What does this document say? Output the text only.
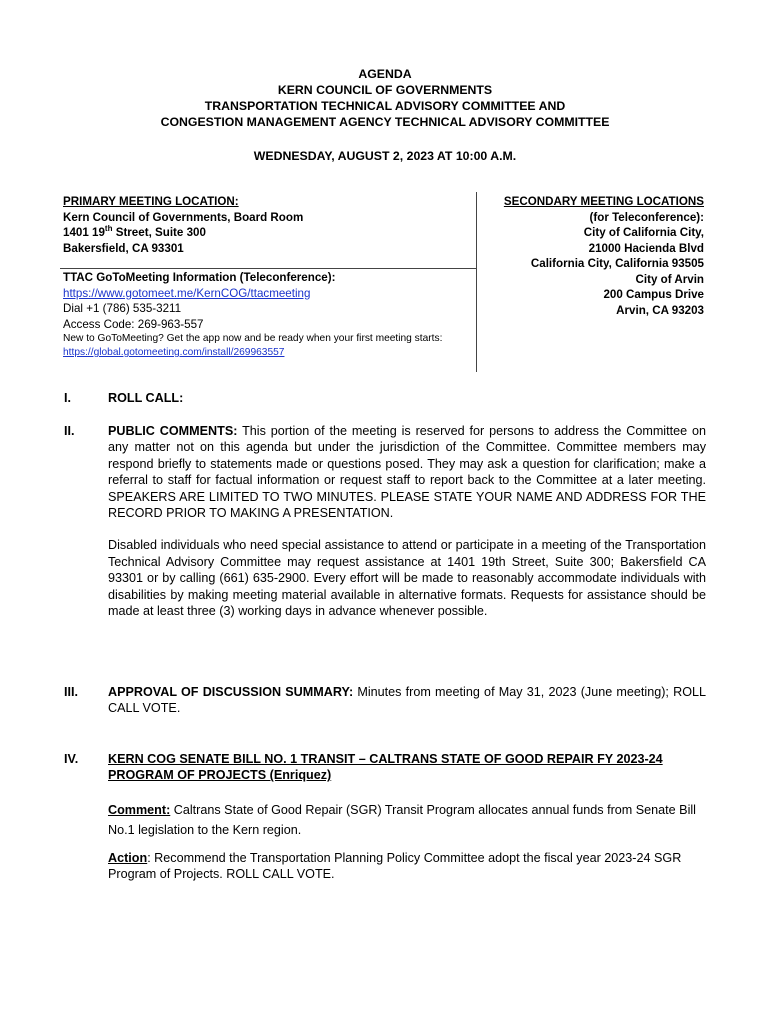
AGENDA
KERN COUNCIL OF GOVERNMENTS
TRANSPORTATION TECHNICAL ADVISORY COMMITTEE AND
CONGESTION MANAGEMENT AGENCY TECHNICAL ADVISORY COMMITTEE
WEDNESDAY, AUGUST 2, 2023 AT 10:00 A.M.
PRIMARY MEETING LOCATION:
Kern Council of Governments, Board Room
1401 19th Street, Suite 300
Bakersfield, CA 93301
TTAC GoToMeeting Information (Teleconference):
https://www.gotomeet.me/KernCOG/ttacmeeting
Dial +1 (786) 535-3211
Access Code: 269-963-557
New to GoToMeeting? Get the app now and be ready when your first meeting starts: https://global.gotomeeting.com/install/269963557
SECONDARY MEETING LOCATIONS
(for Teleconference):
City of California City,
21000 Hacienda Blvd
California City, California 93505
City of Arvin
200 Campus Drive
Arvin, CA 93203
I.	ROLL CALL:
II.	PUBLIC COMMENTS: This portion of the meeting is reserved for persons to address the Committee on any matter not on this agenda but under the jurisdiction of the Committee. Committee members may respond briefly to statements made or questions posed. They may ask a question for clarification; make a referral to staff for factual information or request staff to report back to the Committee at a later meeting. SPEAKERS ARE LIMITED TO TWO MINUTES. PLEASE STATE YOUR NAME AND ADDRESS FOR THE RECORD PRIOR TO MAKING A PRESENTATION.
Disabled individuals who need special assistance to attend or participate in a meeting of the Transportation Technical Advisory Committee may request assistance at 1401 19th Street, Suite 300; Bakersfield CA 93301 or by calling (661) 635-2900. Every effort will be made to reasonably accommodate individuals with disabilities by making meeting material available in alternative formats. Requests for assistance should be made at least three (3) working days in advance whenever possible.
III. APPROVAL OF DISCUSSION SUMMARY: Minutes from meeting of May 31, 2023 (June meeting); ROLL CALL VOTE.
IV. KERN COG SENATE BILL NO. 1 TRANSIT – CALTRANS STATE OF GOOD REPAIR FY 2023-24 PROGRAM OF PROJECTS (Enriquez)
Comment: Caltrans State of Good Repair (SGR) Transit Program allocates annual funds from Senate Bill No.1 legislation to the Kern region.
Action: Recommend the Transportation Planning Policy Committee adopt the fiscal year 2023-24 SGR Program of Projects. ROLL CALL VOTE.
